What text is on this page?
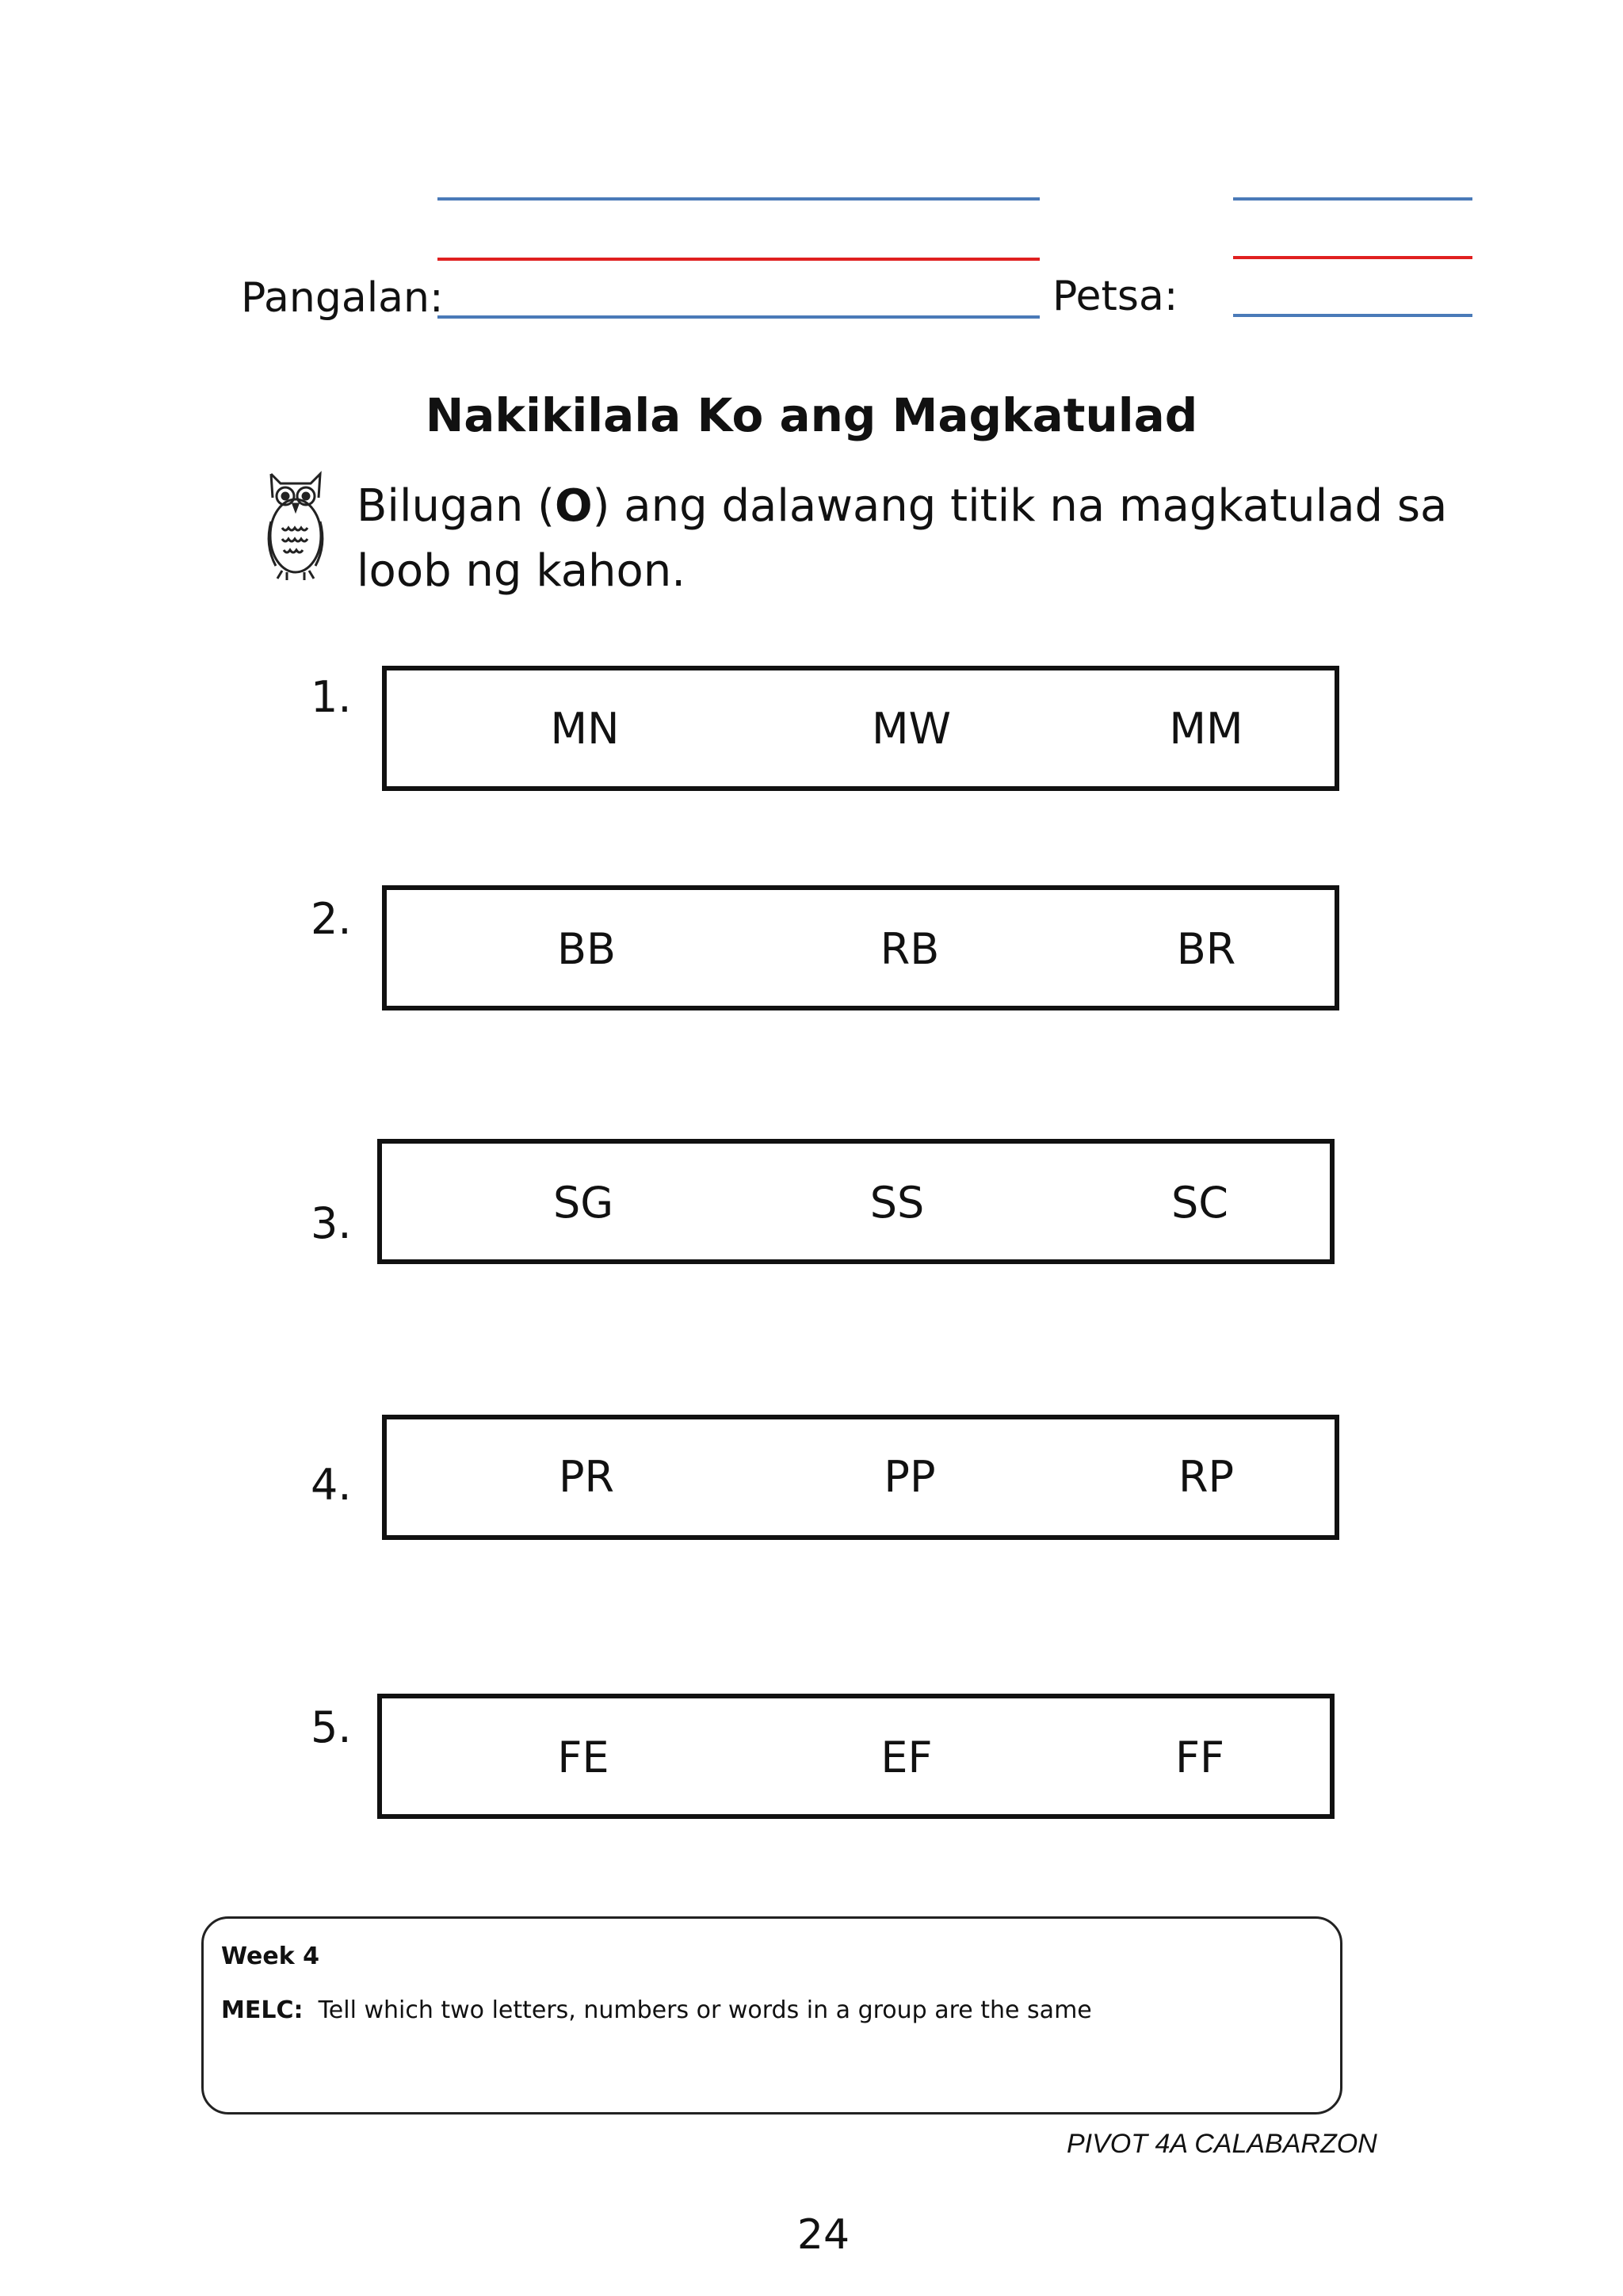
Pangalan:	Petsa:
Nakikilala Ko ang Magkatulad
Bilugan (O) ang dalawang titik na magkatulad sa loob ng kahon.
1.
MN	MW	MM
2.
BB	RB	BR
3.	SG	SS	SC
4.	PR	PP	RP
5.
FE	EF	FF
Week 4
MELC: Tell which two letters, numbers or words in a group are the same
PIVOT 4A CALABARZON
24
